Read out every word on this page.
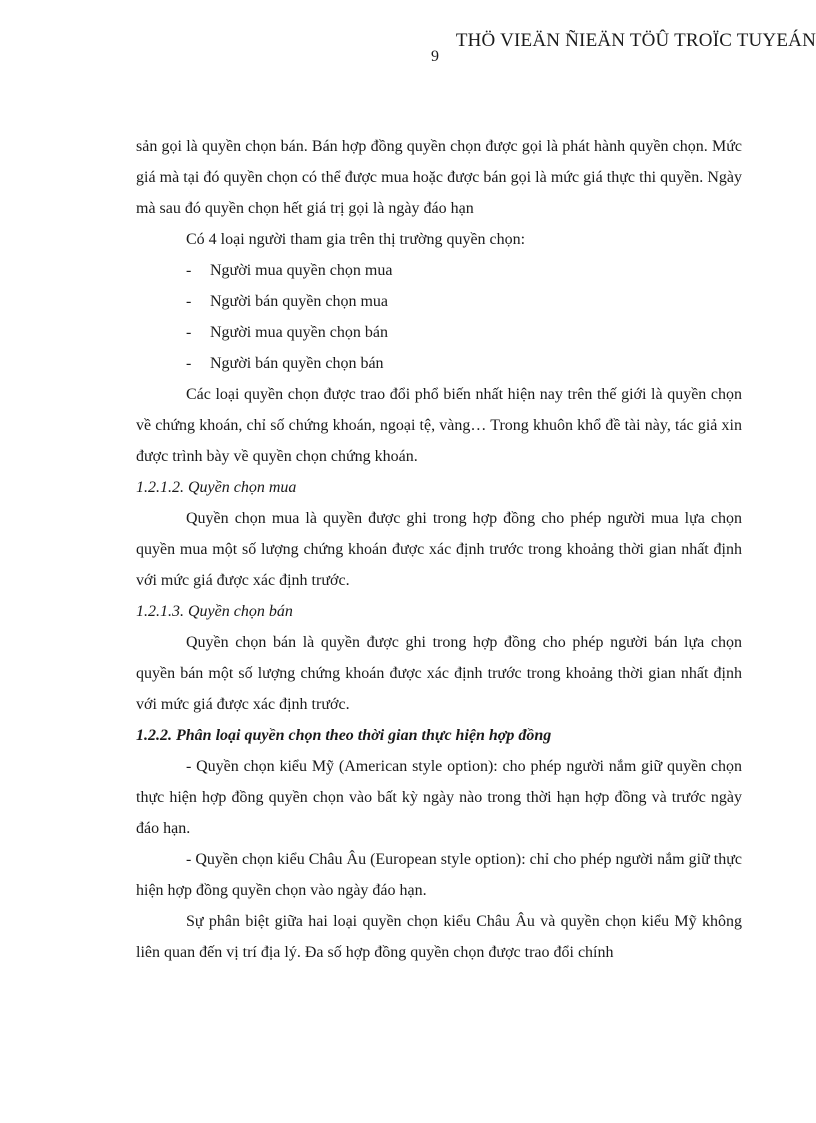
THÖ VIEÄN ÑIEÄN TÖÛ TROÏC TUYEÁN
9

sản gọi là quyền chọn bán. Bán hợp đồng quyền chọn được gọi là phát hành quyền chọn. Mức giá mà tại đó quyền chọn có thể được mua hoặc được bán gọi là mức giá thực thi quyền. Ngày mà sau đó quyền chọn hết giá trị gọi là ngày đáo hạn

Có 4 loại người tham gia trên thị trường quyền chọn:

-	Người mua quyền chọn mua
-	Người bán quyền chọn mua
-	Người mua quyền chọn bán
-	Người bán quyền chọn bán

Các loại quyền chọn được trao đổi phổ biến nhất hiện nay trên thế giới là quyền chọn về chứng khoán, chỉ số chứng khoán, ngoại tệ, vàng… Trong khuôn khổ đề tài này, tác giả xin được trình bày về quyền chọn chứng khoán.

1.2.1.2. Quyền chọn mua

Quyền chọn mua là quyền được ghi trong hợp đồng cho phép người mua lựa chọn quyền mua một số lượng chứng khoán được xác định trước trong khoảng thời gian nhất định với mức giá được xác định trước.

1.2.1.3. Quyền chọn bán

Quyền chọn bán là quyền được ghi trong hợp đồng cho phép người bán lựa chọn quyền bán một số lượng chứng khoán được xác định trước trong khoảng thời gian nhất định với mức giá được xác định trước.

1.2.2. Phân loại quyền chọn theo thời gian thực hiện hợp đồng

- Quyền chọn kiểu Mỹ (American style option): cho phép người nắm giữ quyền chọn thực hiện hợp đồng quyền chọn vào bất kỳ ngày nào trong thời hạn hợp đồng và trước ngày đáo hạn.

- Quyền chọn kiểu Châu Âu (European style option): chỉ cho phép người nắm giữ thực hiện hợp đồng quyền chọn vào ngày đáo hạn.

Sự phân biệt giữa hai loại quyền chọn kiểu Châu Âu và quyền chọn kiểu Mỹ không liên quan đến vị trí địa lý. Đa số hợp đồng quyền chọn được trao đổi chính
